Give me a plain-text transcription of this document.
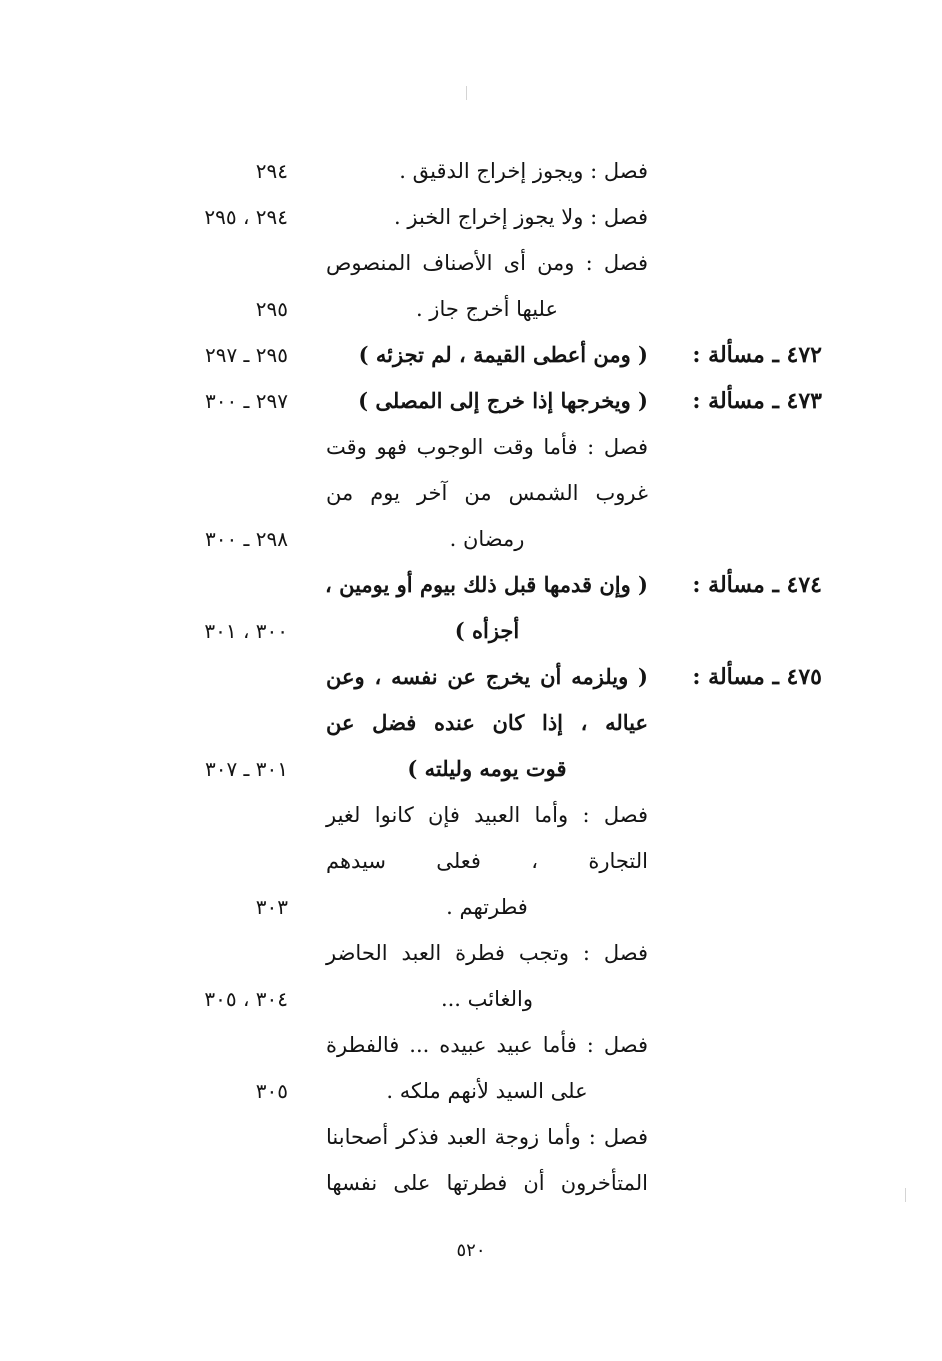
فصل : ويجوز إخراج الدقيق .
٢٩٤
فصل : ولا يجوز إخراج الخبز .
٢٩٤ ، ٢٩٥
فصل : ومن أى الأصناف المنصوص
عليها أخرج جاز .
٢٩٥
٤٧٢ ـ مسألة :
( ومن أعطى القيمة ، لم تجزئه )
٢٩٥ ـ ٢٩٧
٤٧٣ ـ مسألة :
( ويخرجها إذا خرج إلى المصلى )
٢٩٧ ـ ٣٠٠
فصل : فأما وقت الوجوب فهو وقت
غروب الشمس من آخر يوم من
رمضان .
٢٩٨ ـ ٣٠٠
٤٧٤ ـ مسألة :
( وإن قدمها قبل ذلك بيوم أو يومين ،
أجزأه )
٣٠٠ ، ٣٠١
٤٧٥ ـ مسألة :
( ويلزمه أن يخرج عن نفسه ، وعن
عياله ، إذا كان عنده فضل عن
قوت يومه وليلته )
٣٠١ ـ ٣٠٧
فصل : وأما العبيد فإن كانوا لغير
التجارة ، فعلى سيدهم
فطرتهم .
٣٠٣
فصل : وتجب فطرة العبد الحاضر
والغائب ...
٣٠٤ ، ٣٠٥
فصل : فأما عبيد عبيده ... فالفطرة
على السيد لأنهم ملكه .
٣٠٥
فصل : وأما زوجة العبد فذكر أصحابنا
المتأخرون أن فطرتها على نفسها
٥٢٠
